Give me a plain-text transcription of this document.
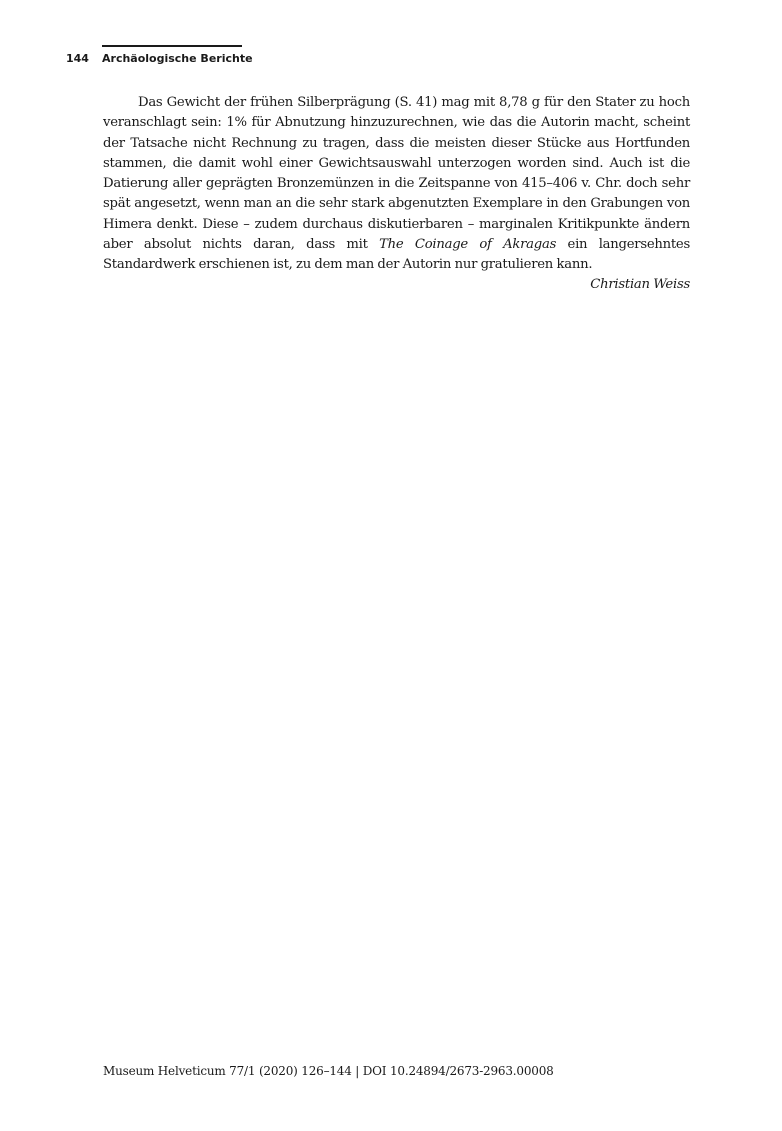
144 Archäologische Berichte

Das Gewicht der frühen Silberprägung (S. 41) mag mit 8,78 g für den Stater zu hoch veranschlagt sein: 1% für Abnutzung hinzuzurechnen, wie das die Autorin macht, scheint der Tatsache nicht Rechnung zu tragen, dass die meisten dieser Stücke aus Hortfunden stammen, die damit wohl einer Gewichtsauswahl unterzogen worden sind. Auch ist die Datierung aller geprägten Bronzemünzen in die Zeitspanne von 415–406 v. Chr. doch sehr spät angesetzt, wenn man an die sehr stark abgenutzten Exemplare in den Grabungen von Himera denkt. Diese – zudem durchaus diskutierbaren – marginalen Kritikpunkte ändern aber absolut nichts daran, dass mit The Coinage of Akragas ein langersehntes Standardwerk erschienen ist, zu dem man der Autorin nur gratulieren kann.

Christian Weiss

Museum Helveticum 77/1 (2020) 126–144 | DOI 10.24894/2673-2963.00008
